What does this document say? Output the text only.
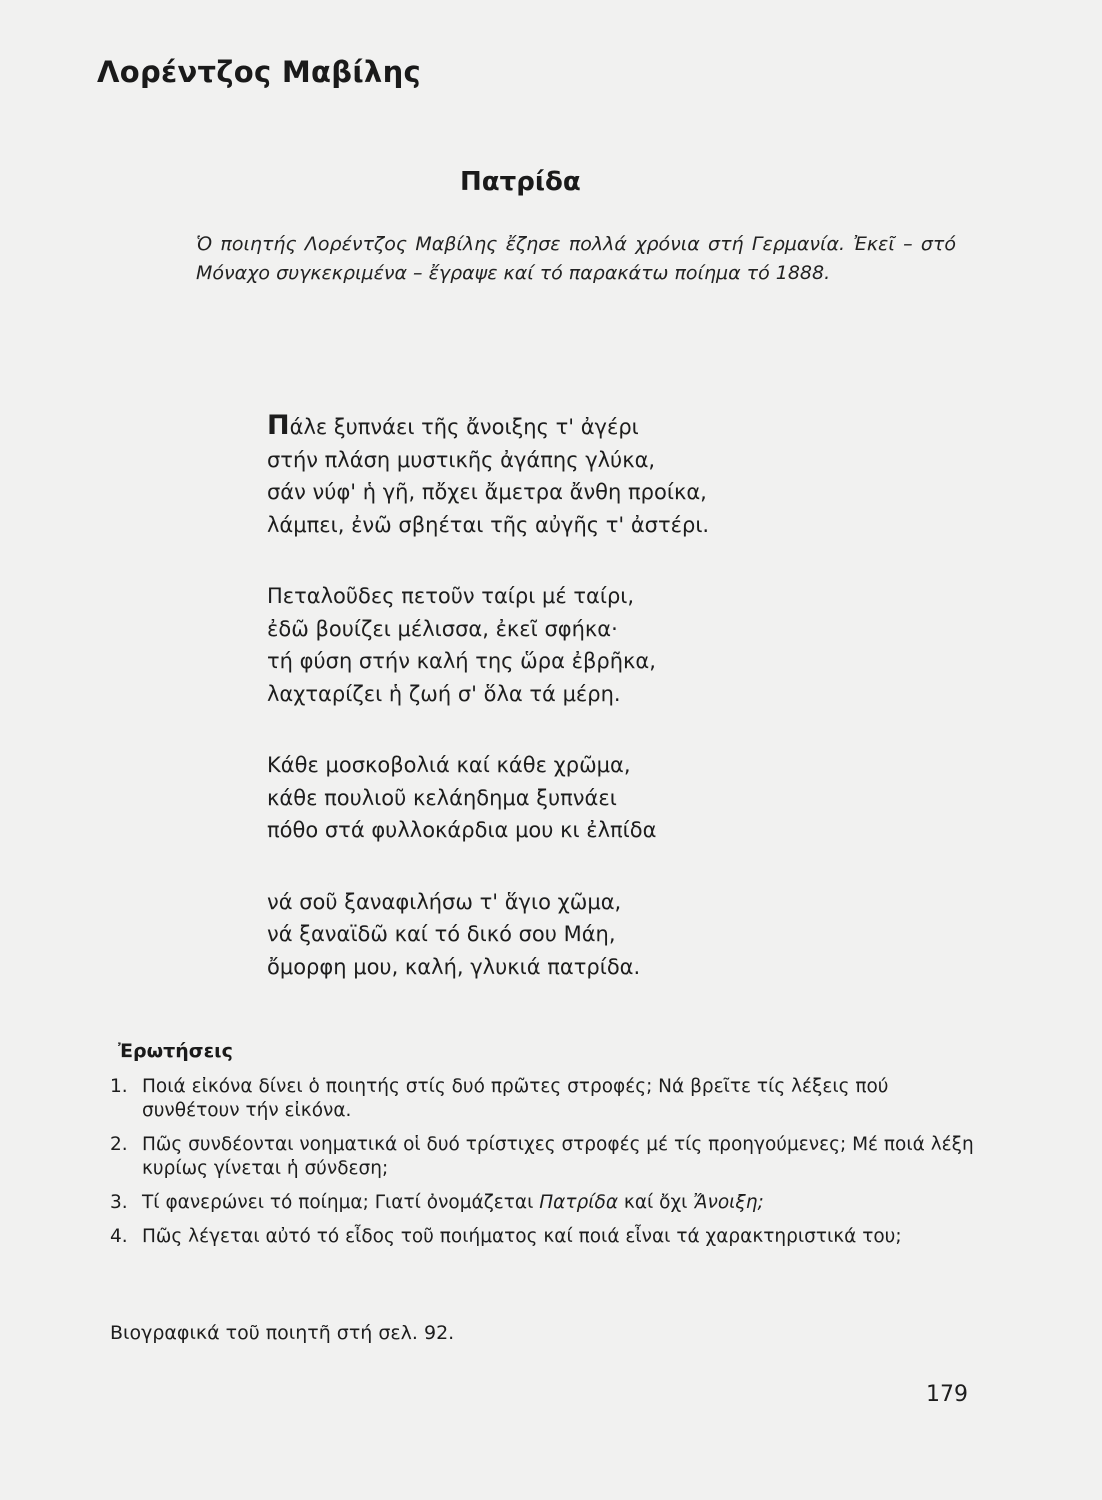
Λορέντζος Μαβίλης
Πατρίδα

Ὁ ποιητής Λορέντζος Μαβίλης ἔζησε πολλά χρόνια στή Γερμανία. Ἐκεῖ – στό Μόναχο συγκεκριμένα – ἔγραψε καί τό παρακάτω ποίημα τό 1888.

Πάλε ξυπνάει τῆς ἄνοιξης τ' ἀγέρι
στήν πλάση μυστικῆς ἀγάπης γλύκα,
σάν νύφ' ἡ γῆ, πὄχει ἄμετρα ἄνθη προίκα,
λάμπει, ἐνῶ σβηέται τῆς αὐγῆς τ' ἀστέρι.
Πεταλοῦδες πετοῦν ταίρι μέ ταίρι,
ἐδῶ βουίζει μέλισσα, ἐκεῖ σφήκα·
τή φύση στήν καλή της ὥρα ἐβρῆκα,
λαχταρίζει ἡ ζωή σ' ὅλα τά μέρη.
Κάθε μοσκοβολιά καί κάθε χρῶμα,
κάθε πουλιοῦ κελάηδημα ξυπνάει
πόθο στά φυλλοκάρδια μου κι ἐλπίδα
νά σοῦ ξαναφιλήσω τ' ἅγιο χῶμα,
νά ξαναϊδῶ καί τό δικό σου Μάη,
ὄμορφη μου, καλή, γλυκιά πατρίδα.
Ἐρωτήσεις
1. Ποιά εἰκόνα δίνει ὁ ποιητής στίς δυό πρῶτες στροφές; Νά βρεῖτε τίς λέξεις πού συνθέτουν τήν εἰκόνα.
2. Πῶς συνδέονται νοηματικά οἱ δυό τρίστιχες στροφές μέ τίς προηγούμενες; Μέ ποιά λέξη κυρίως γίνεται ἡ σύνδεση;
3. Τί φανερώνει τό ποίημα; Γιατί ὀνομάζεται Πατρίδα καί ὄχι Ἄνοιξη;
4. Πῶς λέγεται αὐτό τό εἶδος τοῦ ποιήματος καί ποιά εἶναι τά χαρακτηριστικά του;
Βιογραφικά τοῦ ποιητῆ στή σελ. 92.
179
